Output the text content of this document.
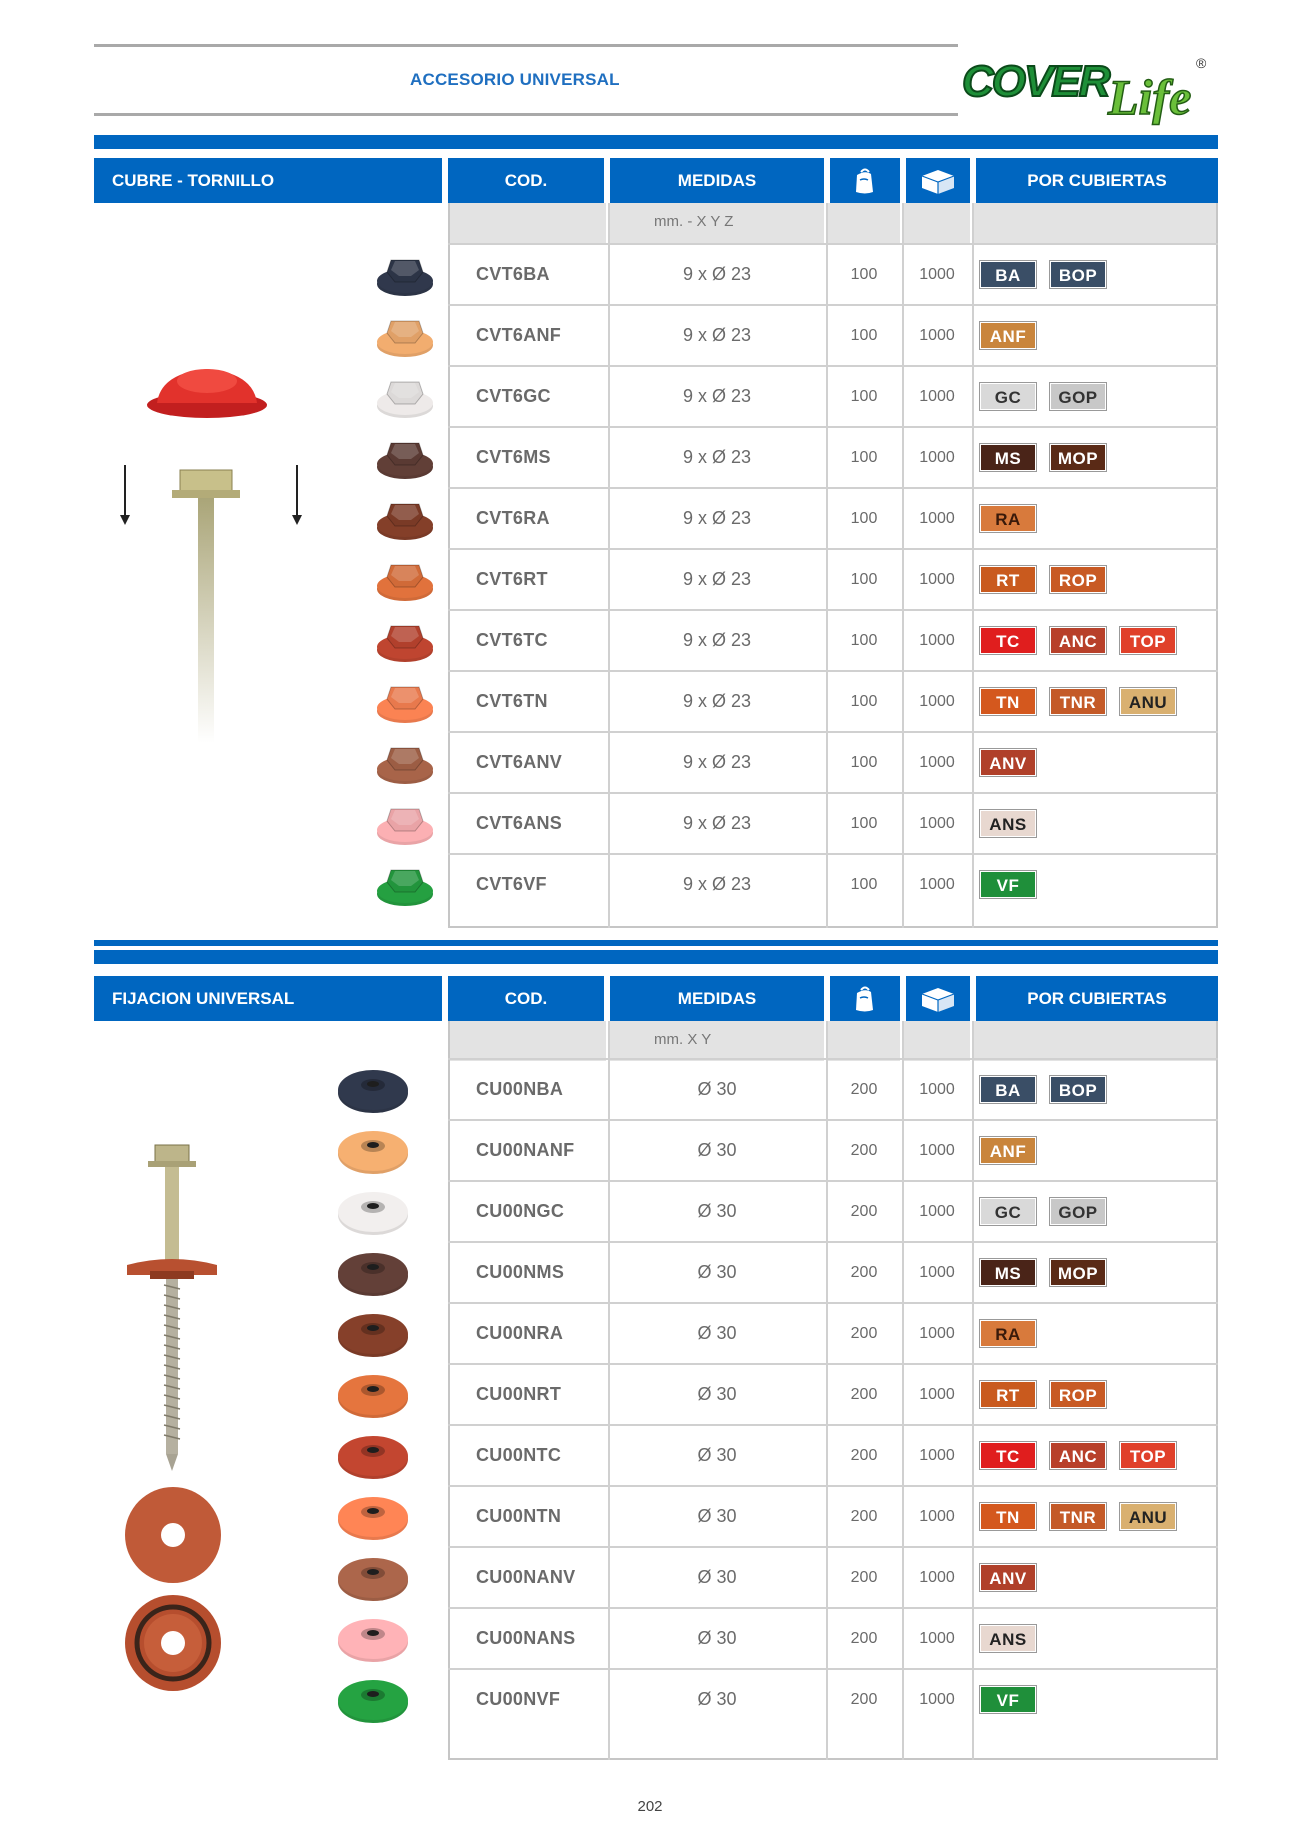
ACCESORIO UNIVERSAL	COVER Life
®
CUBRE - TORNILLO	COD.	MEDIDAS	POR CUBIERTAS
mm. - X Y Z
FIJACION UNIVERSAL	COD.	MEDIDAS	POR CUBIERTAS
mm. X Y
CVT6BA	9 x Ø 23	100	1000	BA	BOP
CVT6ANF	9 x Ø 23	100	1000	ANF
CVT6GC	9 x Ø 23	100	1000	GC	GOP
CVT6MS	9 x Ø 23	100	1000	MS	MOP
CVT6RA	9 x Ø 23	100	1000	RA
CVT6RT	9 x Ø 23	100	1000	RT	ROP
CVT6TC	9 x Ø 23	100	1000	TC	ANC	TOP
CVT6TN	9 x Ø 23	100	1000	TN	TNR	ANU
CVT6ANV	9 x Ø 23	100	1000	ANV
CVT6ANS	9 x Ø 23	100	1000	ANS
CVT6VF	9 x Ø 23	100	1000	VF
CU00NBA	Ø 30	200	1000	BA	BOP
CU00NANF	Ø 30	200	1000	ANF
CU00NGC	Ø 30	200	1000	GC	GOP
CU00NMS	Ø 30	200	1000	MS	MOP
CU00NRA	Ø 30	200	1000	RA
CU00NRT	Ø 30	200	1000	RT	ROP
CU00NTC	Ø 30	200	1000	TC	ANC	TOP
CU00NTN	Ø 30	200	1000	TN	TNR	ANU
CU00NANV	Ø 30	200	1000	ANV
CU00NANS	Ø 30	200	1000	ANS
CU00NVF	Ø 30	200	1000	VF
202
